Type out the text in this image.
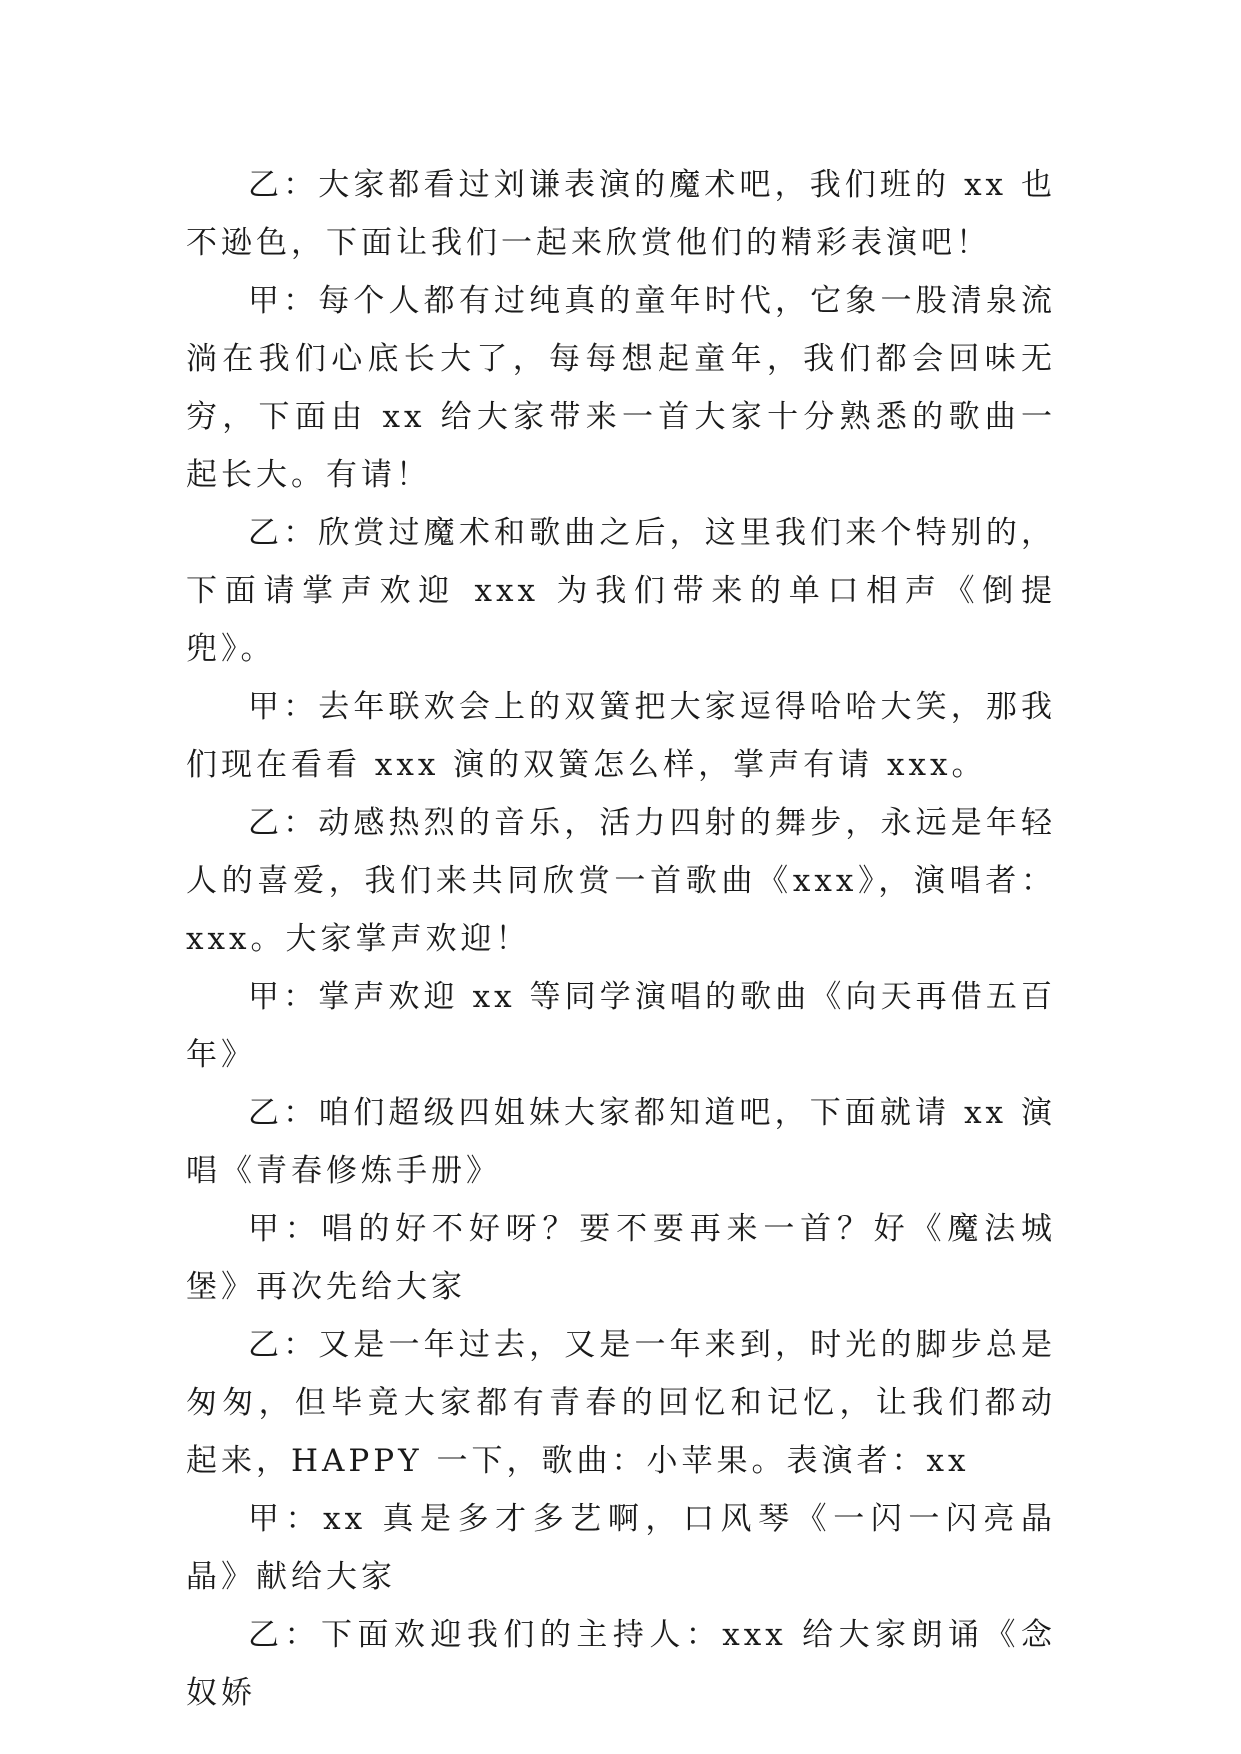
乙：大家都看过刘谦表演的魔术吧，我们班的 xx 也不逊色，下面让我们一起来欣赏他们的精彩表演吧！

甲：每个人都有过纯真的童年时代，它象一股清泉流淌在我们心底长大了，每每想起童年，我们都会回味无穷，下面由 xx 给大家带来一首大家十分熟悉的歌曲一起长大。有请！

乙：欣赏过魔术和歌曲之后，这里我们来个特别的，下面请掌声欢迎 xxx 为我们带来的单口相声《倒提兜》。

甲：去年联欢会上的双簧把大家逗得哈哈大笑，那我们现在看看 xxx 演的双簧怎么样，掌声有请 xxx。

乙：动感热烈的音乐，活力四射的舞步，永远是年轻人的喜爱，我们来共同欣赏一首歌曲《xxx》，演唱者：xxx。大家掌声欢迎！

甲：掌声欢迎 xx 等同学演唱的歌曲《向天再借五百年》

乙：咱们超级四姐妹大家都知道吧，下面就请 xx 演唱《青春修炼手册》

甲：唱的好不好呀？要不要再来一首？好《魔法城堡》再次先给大家

乙：又是一年过去，又是一年来到，时光的脚步总是匆匆，但毕竟大家都有青春的回忆和记忆，让我们都动起来，HAPPY 一下，歌曲：小苹果。表演者：xx

甲：xx 真是多才多艺啊，口风琴《一闪一闪亮晶晶》献给大家

乙：下面欢迎我们的主持人：xxx 给大家朗诵《念奴娇
